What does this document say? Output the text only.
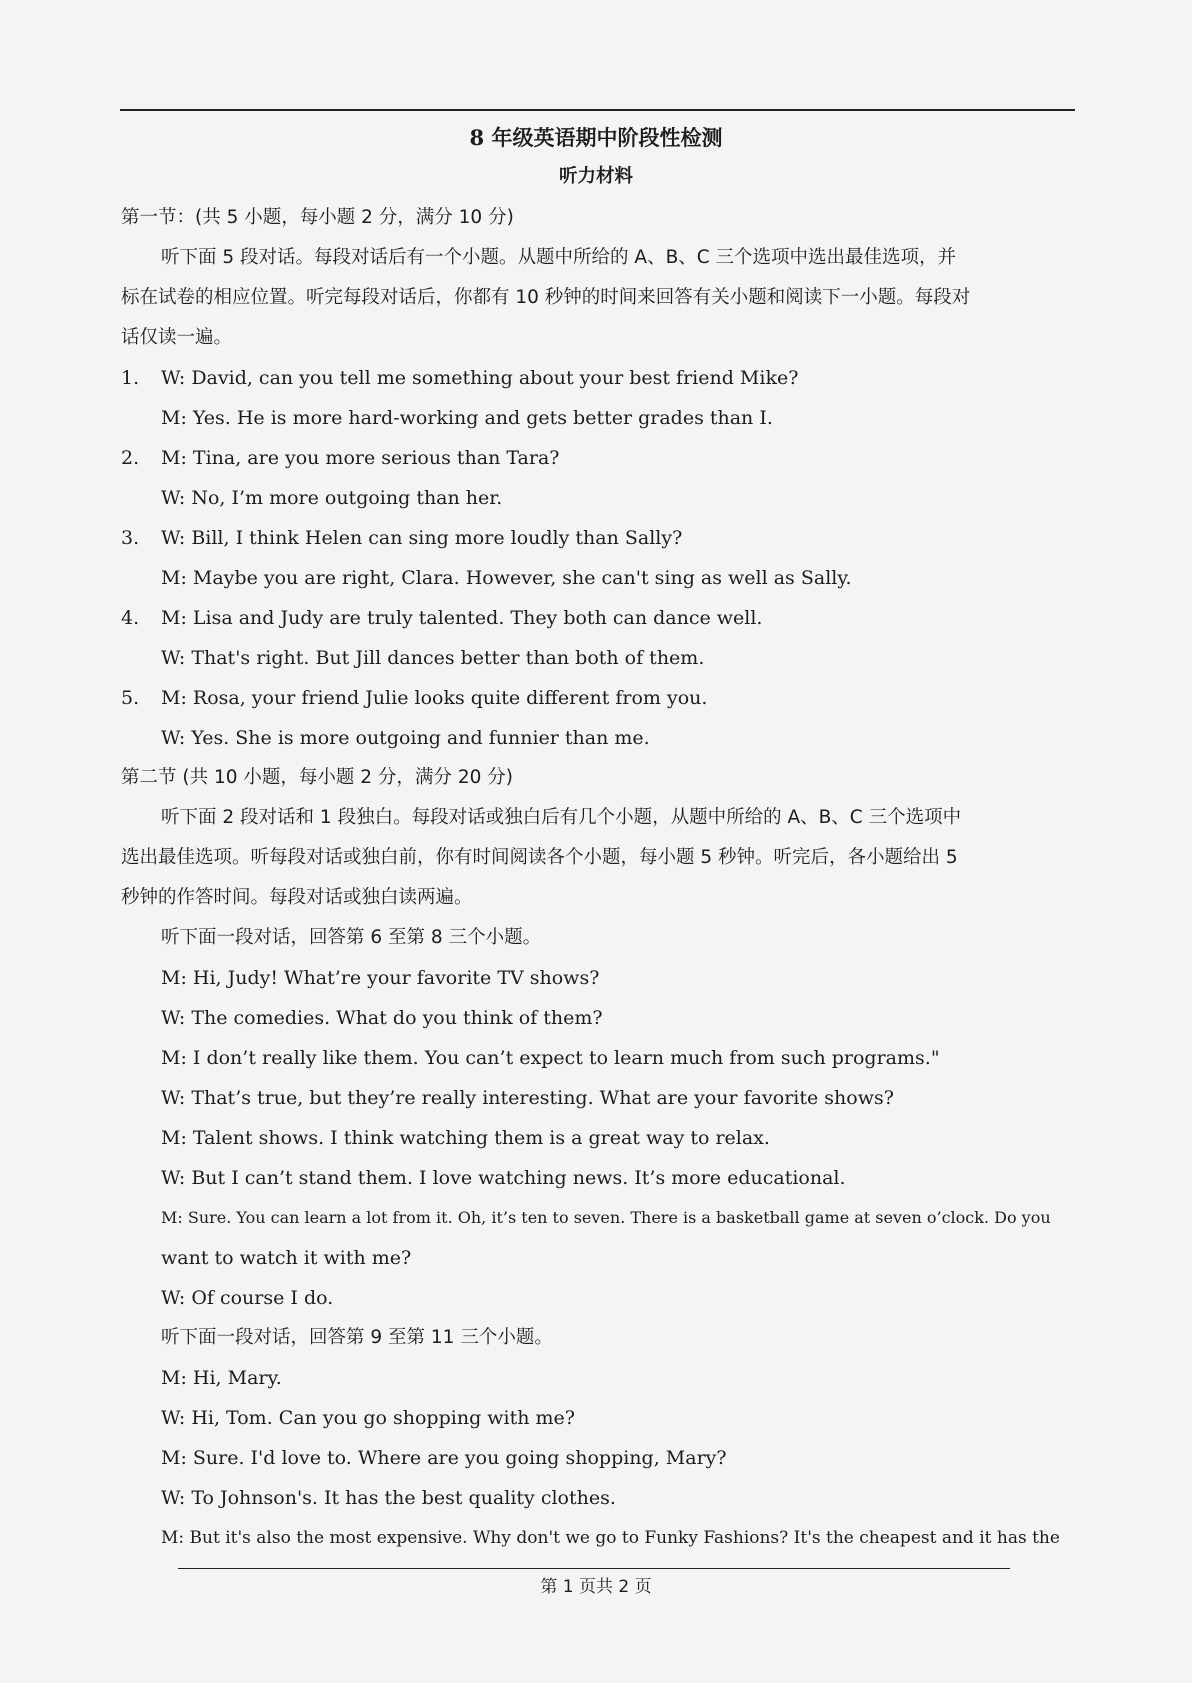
8 年级英语期中阶段性检测
听力材料
第一节：(共 5 小题，每小题 2 分，满分 10 分)
听下面 5 段对话。每段对话后有一个小题。从题中所给的 A、B、C 三个选项中选出最佳选项，并
标在试卷的相应位置。听完每段对话后，你都有 10 秒钟的时间来回答有关小题和阅读下一小题。每段对
话仅读一遍。
1. W: David, can you tell me something about your best friend Mike?
M: Yes. He is more hard-working and gets better grades than I.
2. M: Tina, are you more serious than Tara?
W: No, I’m more outgoing than her.
3. W: Bill, I think Helen can sing more loudly than Sally?
M: Maybe you are right, Clara. However, she can't sing as well as Sally.
4. M: Lisa and Judy are truly talented. They both can dance well.
W: That's right. But Jill dances better than both of them.
5. M: Rosa, your friend Julie looks quite different from you.
W: Yes. She is more outgoing and funnier than me.
第二节 (共 10 小题，每小题 2 分，满分 20 分)
听下面 2 段对话和 1 段独白。每段对话或独白后有几个小题，从题中所给的 A、B、C 三个选项中
选出最佳选项。听每段对话或独白前，你有时间阅读各个小题，每小题 5 秒钟。听完后，各小题给出 5
秒钟的作答时间。每段对话或独白读两遍。
听下面一段对话，回答第 6 至第 8 三个小题。
M: Hi, Judy! What’re your favorite TV shows?
W: The comedies. What do you think of them?
M: I don’t really like them. You can’t expect to learn much from such programs."
W: That’s true, but they’re really interesting. What are your favorite shows?
M: Talent shows. I think watching them is a great way to relax.
W: But I can’t stand them. I love watching news. It’s more educational.
M: Sure. You can learn a lot from it. Oh, it’s ten to seven. There is a basketball game at seven o’clock. Do you
want to watch it with me?
W: Of course I do.
听下面一段对话，回答第 9 至第 11 三个小题。
M: Hi, Mary.
W: Hi, Tom. Can you go shopping with me?
M: Sure. I'd love to. Where are you going shopping, Mary?
W: To Johnson's. It has the best quality clothes.
M: But it's also the most expensive. Why don't we go to Funky Fashions? It's the cheapest and it has the
第 1 页共 2 页
